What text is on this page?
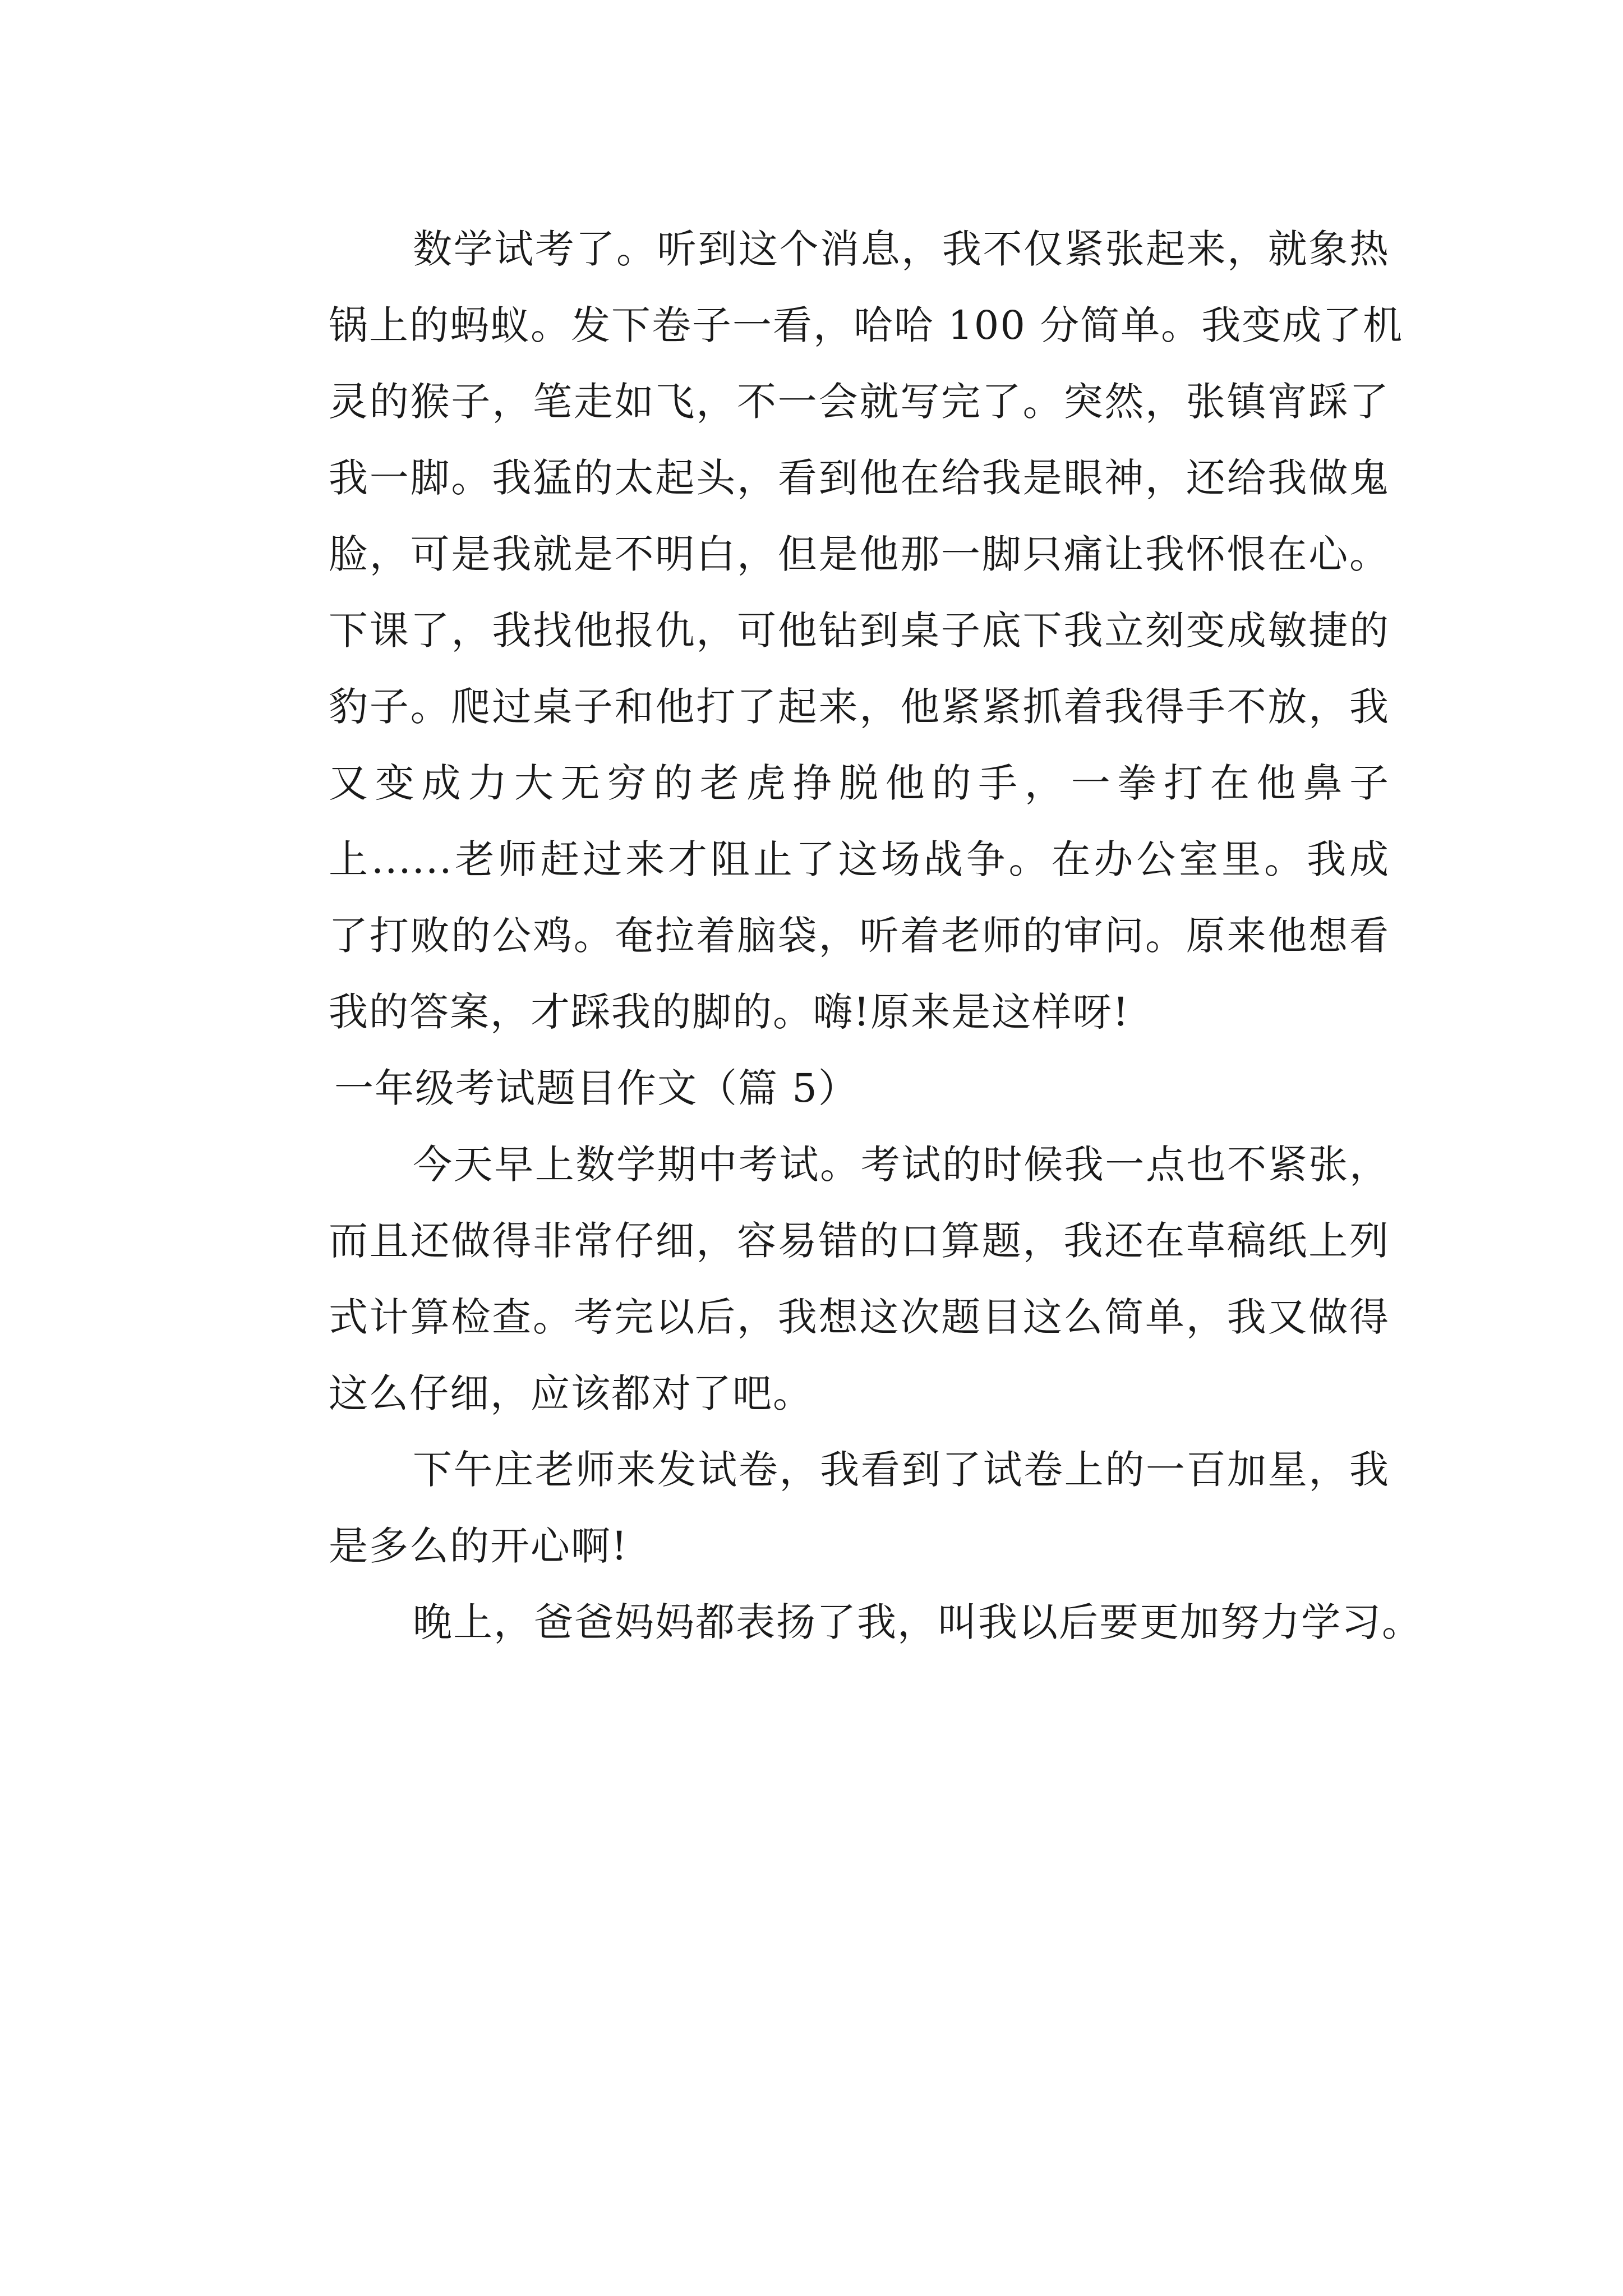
数学试考了。听到这个消息，我不仅紧张起来，就象热
锅上的蚂蚁。发下卷子一看，哈哈 100 分简单。我变成了机
灵的猴子，笔走如飞，不一会就写完了。突然，张镇宵踩了
我一脚。我猛的太起头，看到他在给我是眼神，还给我做鬼
脸，可是我就是不明白，但是他那一脚只痛让我怀恨在心。
下课了，我找他报仇，可他钻到桌子底下我立刻变成敏捷的
豹子。爬过桌子和他打了起来，他紧紧抓着我得手不放，我
又变成力大无穷的老虎挣脱他的手，一拳打在他鼻子
上......老师赶过来才阻止了这场战争。在办公室里。我成
了打败的公鸡。奄拉着脑袋，听着老师的审问。原来他想看
我的答案，才踩我的脚的。嗨!原来是这样呀!
一年级考试题目作文（篇 5）
今天早上数学期中考试。考试的时候我一点也不紧张，
而且还做得非常仔细，容易错的口算题，我还在草稿纸上列
式计算检查。考完以后，我想这次题目这么简单，我又做得
这么仔细，应该都对了吧。
下午庄老师来发试卷，我看到了试卷上的一百加星，我
是多么的开心啊!
晚上，爸爸妈妈都表扬了我，叫我以后要更加努力学习。
